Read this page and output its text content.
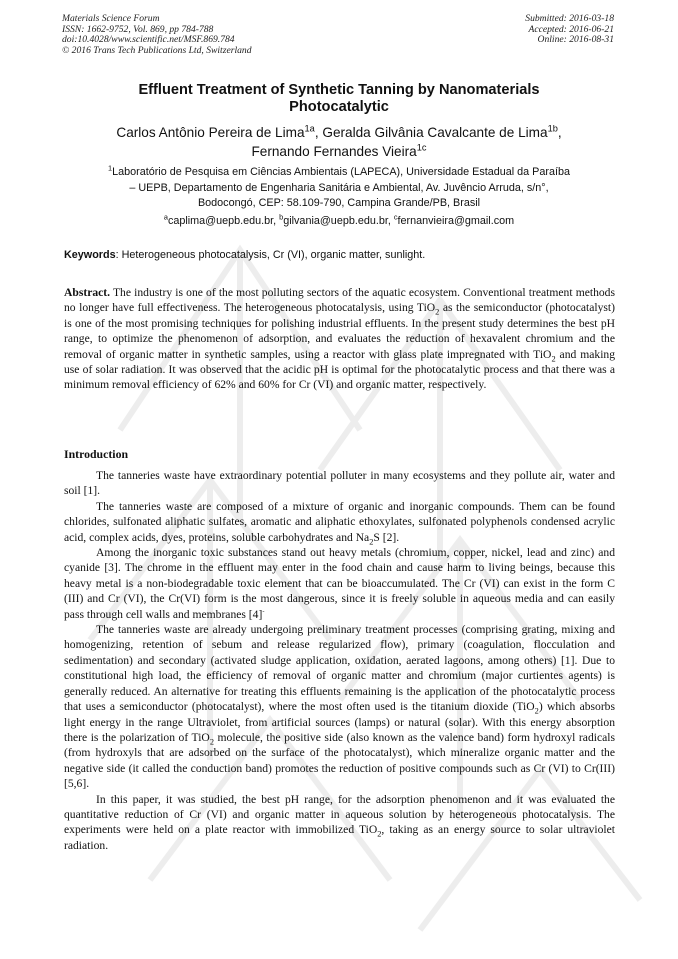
Materials Science Forum
ISSN: 1662-9752, Vol. 869, pp 784-788
doi:10.4028/www.scientific.net/MSF.869.784
© 2016 Trans Tech Publications Ltd, Switzerland
Submitted: 2016-03-18
Accepted: 2016-06-21
Online: 2016-08-31
Effluent Treatment of Synthetic Tanning by Nanomaterials
Photocatalytic
Carlos Antônio Pereira de Lima$^{1a}$, Geralda Gilvânia Cavalcante de Lima$^{1b}$,
Fernando Fernandes Vieira$^{1c}$
$^1$Laboratório de Pesquisa em Ciências Ambientais (LAPECA), Universidade Estadual da Paraíba
– UEPB, Departamento de Engenharia Sanitária e Ambiental, Av. Juvêncio Arruda, s/n°,
Bodocongó, CEP: 58.109-790, Campina Grande/PB, Brasil
$^a$caplima@uepb.edu.br, $^b$gilvania@uepb.edu.br, $^c$fernanvieira@gmail.com
Keywords: Heterogeneous photocatalysis, Cr (VI), organic matter, sunlight.
Abstract. The industry is one of the most polluting sectors of the aquatic ecosystem. Conventional treatment methods no longer have full effectiveness. The heterogeneous photocatalysis, using TiO$_2$ as the semiconductor (photocatalyst) is one of the most promising techniques for polishing industrial effluents. In the present study determines the best pH range, to optimize the phenomenon of adsorption, and evaluates the reduction of hexavalent chromium and the removal of organic matter in synthetic samples, using a reactor with glass plate impregnated with TiO$_2$ and making use of solar radiation. It was observed that the acidic pH is optimal for the photocatalytic process and that there was a minimum removal efficiency of 62% and 60% for Cr (VI) and organic matter, respectively.
Introduction

The tanneries waste have extraordinary potential polluter in many ecosystems and they pollute air, water and soil [1].

The tanneries waste are composed of a mixture of organic and inorganic compounds. Them can be found chlorides, sulfonated aliphatic sulfates, aromatic and aliphatic ethoxylates, sulfonated polyphenols condensed acrylic acid, complex acids, dyes, proteins, soluble carbohydrates and $Na_2S$ [2].

Among the inorganic toxic substances stand out heavy metals (chromium, copper, nickel, lead and zinc) and cyanide [3]. The chrome in the effluent may enter in the food chain and cause harm to living beings, because this heavy metal is a non-biodegradable toxic element that can be bioaccumulated. The Cr (VI) can exist in the form C (III) and Cr (VI), the Cr(VI) form is the most dangerous, since it is freely soluble in aqueous media and can easily pass through cell walls and membranes [4]-

The tanneries waste are already undergoing preliminary treatment processes (comprising grating, mixing and homogenizing, retention of sebum and release regularized flow), primary (coagulation, flocculation and sedimentation) and secondary (activated sludge application, oxidation, aerated lagoons, among others) [1]. Due to constitutional high load, the efficiency of removal of organic matter and chromium (major curtientes agents) is generally reduced. An alternative for treating this effluents remaining is the application of the photocatalytic process that uses a semiconductor (photocatalyst), where the most often used is the titanium dioxide (TiO$_2$) which absorbs light energy in the range Ultraviolet, from artificial sources (lamps) or natural (solar). With this energy absorption there is the polarization of TiO$_2$ molecule, the positive side (also known as the valence band) form hydroxyl radicals (from hydroxyls that are adsorbed on the surface of the photocatalyst), which mineralize organic matter and the negative side (it called the conduction band) promotes the reduction of positive compounds such as Cr (VI) to Cr(III) [5,6].

In this paper, it was studied, the best pH range, for the adsorption phenomenon and it was evaluated the quantitative reduction of Cr (VI) and organic matter in aqueous solution by heterogeneous photocatalysis. The experiments were held on a plate reactor with immobilized TiO$_2$, taking as an energy source to solar ultraviolet radiation.
